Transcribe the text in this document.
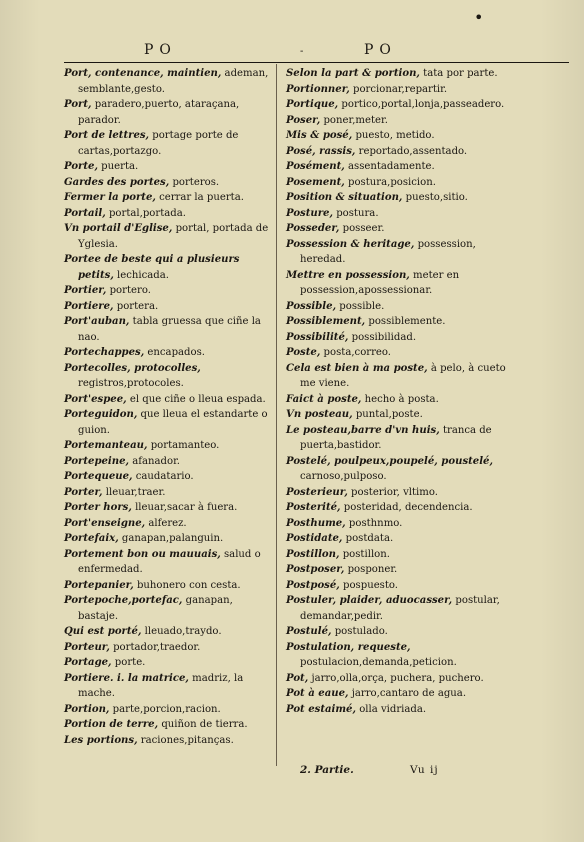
•
PO	-	PO
Port, contenance, maintien, ademan, semblante,gesto.
Port, paradero,puerto, ataraçana, parador.
Port de lettres, portage porte de cartas,portazgo.
Porte, puerta.
Gardes des portes, porteros.
Fermer la porte, cerrar la puerta.
Portail, portal,portada.
Vn portail d'Eglise, portal, portada de Yglesia.
Portee de beste qui a plusieurs petits, lechicada.
Portier, portero.
Portiere, portera.
Port'auban, tabla gruessa que ciñe la nao.
Portechappes, encapados.
Portecolles, protocolles, registros,protocoles.
Port'espee, el que ciñe o lleua espada.
Porteguidon, que lleua el estandarte o guion.
Portemanteau, portamanteo.
Portepeine, afanador.
Portequeue, caudatario.
Porter, lleuar,traer.
Porter hors, lleuar,sacar à fuera.
Port'enseigne, alferez.
Portefaix, ganapan,palanguin.
Portement bon ou mauuais, salud o enfermedad.
Portepanier, buhonero con cesta.
Portepoche,portefac, ganapan, bastaje.
Qui est porté, lleuado,traydo.
Porteur, portador,traedor.
Portage, porte.
Portiere. i. la matrice, madriz, la mache.
Portion, parte,porcion,racion.
Portion de terre, quiñon de tierra.
Les portions, raciones,pitanças.
Selon la part & portion, tata por parte.
Portionner, porcionar,repartir.
Portique, portico,portal,lonja,passeadero.
Poser, poner,meter.
Mis & posé, puesto, metido.
Posé, rassis, reportado,assentado.
Posément, assentadamente.
Posement, postura,posicion.
Position & situation, puesto,sitio.
Posture, postura.
Posseder, posseer.
Possession & heritage, possession, heredad.
Mettre en possession, meter en possession,apossessionar.
Possible, possible.
Possiblement, possiblemente.
Possibilité, possibilidad.
Poste, posta,correo.
Cela est bien à ma poste, à pelo, à cueto me viene.
Faict à poste, hecho à posta.
Vn posteau, puntal,poste.
Le posteau,barre d'vn huis, tranca de puerta,bastidor.
Postelé, poulpeux,poupelé, poustelé, carnoso,pulposo.
Posterieur, posterior, vltimo.
Posterité, posteridad, decendencia.
Posthume, posthnmo.
Postidate, postdata.
Postillon, postillon.
Postposer, posponer.
Postposé, pospuesto.
Postuler, plaider, aduocasser, postular, demandar,pedir.
Postulé, postulado.
Postulation, requeste, postulacion,demanda,peticion.
Pot, jarro,olla,orça, puchera, puchero.
Pot à eaue, jarro,cantaro de agua.
Pot estaimé, olla vidriada.
2. Partie.	Vu ij
